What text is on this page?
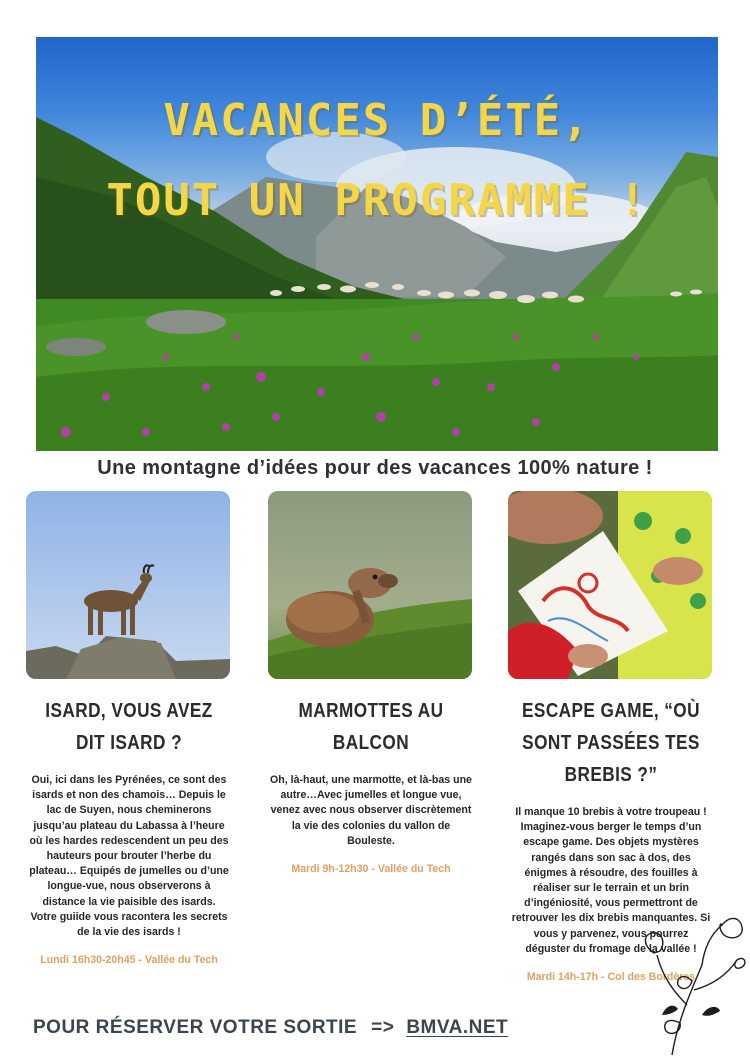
VACANCES D’ÉTÉ,
TOUT UN PROGRAMME !
Une montagne d’idées pour des vacances 100% nature !
ISARD, VOUS AVEZ DIT ISARD ?
Oui, ici dans les Pyrénées, ce sont des isards et non des chamois… Depuis le lac de Suyen, nous cheminerons jusqu’au plateau du Labassa à l’heure où les hardes redescendent un peu des hauteurs pour brouter l’herbe du plateau… Equipés de jumelles ou d’une longue-vue, nous observerons à distance la vie paisible des isards. Votre guiide vous racontera les secrets de la vie des isards !
Lundi 16h30-20h45 - Vallée du Tech
MARMOTTES AU BALCON
Oh, là-haut, une marmotte, et là-bas une autre…Avec jumelles et longue vue, venez avec nous observer discrètement la vie des colonies du vallon de Bouleste.
Mardi 9h-12h30 - Vallée du Tech
ESCAPE GAME, “OÙ SONT PASSÉES TES BREBIS ?”
Il manque 10 brebis à votre troupeau ! Imaginez-vous berger le temps d’un escape game. Des objets mystères rangés dans son sac à dos, des énigmes à résoudre, des fouilles à réaliser sur le terrain et un brin d’ingéniosité, vous permettront de retrouver les dix brebis manquantes. Si vous y parvenez, vous pourrez déguster du fromage de la vallée !
Mardi 14h-17h - Col des Bordères
POUR RÉSERVER VOTRE SORTIE => BMVA.NET
